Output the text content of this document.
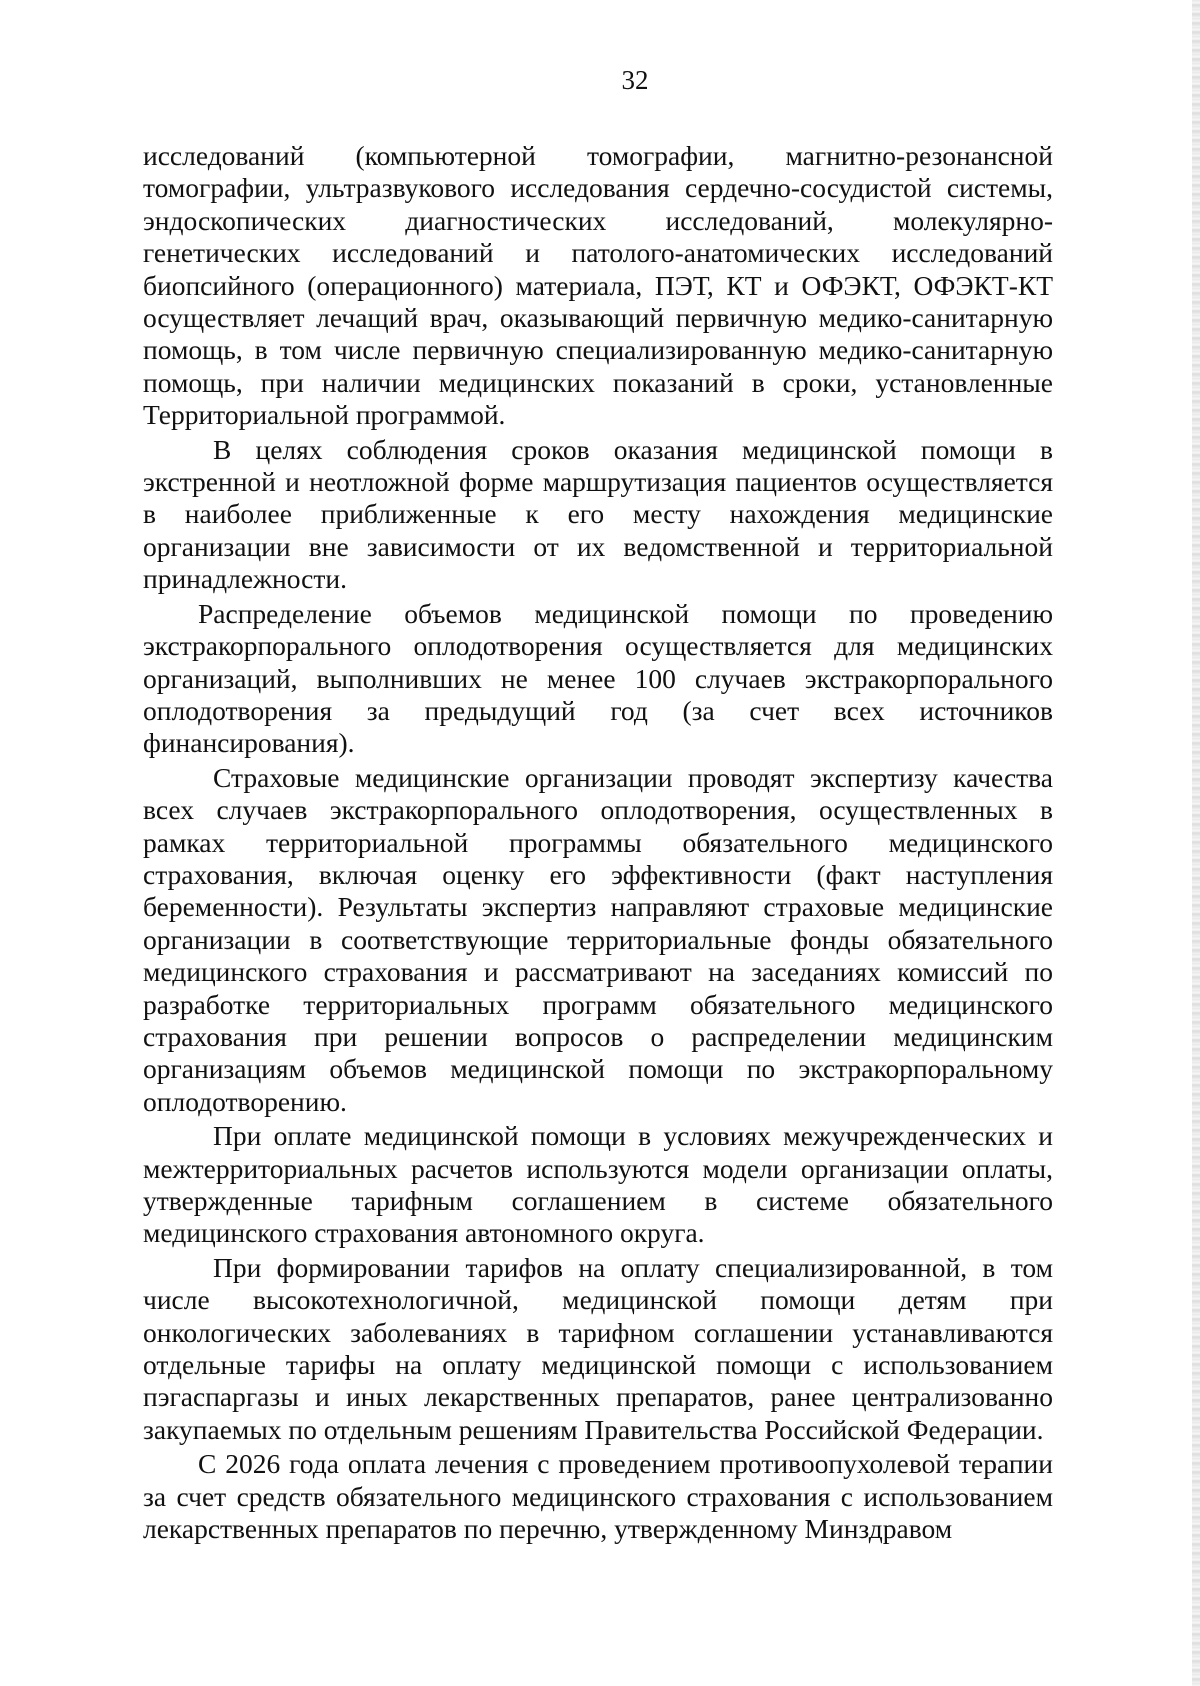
32

исследований (компьютерной томографии, магнитно-резонансной томографии, ультразвукового исследования сердечно-сосудистой системы, эндоскопических диагностических исследований, молекулярно-генетических исследований и патолого-анатомических исследований биопсийного (операционного) материала, ПЭТ, КТ и ОФЭКТ, ОФЭКТ-КТ осуществляет лечащий врач, оказывающий первичную медико-санитарную помощь, в том числе первичную специализированную медико-санитарную помощь, при наличии медицинских показаний в сроки, установленные Территориальной программой.

В целях соблюдения сроков оказания медицинской помощи в экстренной и неотложной форме маршрутизация пациентов осуществляется в наиболее приближенные к его месту нахождения медицинские организации вне зависимости от их ведомственной и территориальной принадлежности.

Распределение объемов медицинской помощи по проведению экстракорпорального оплодотворения осуществляется для медицинских организаций, выполнивших не менее 100 случаев экстракорпорального оплодотворения за предыдущий год (за счет всех источников финансирования).

Страховые медицинские организации проводят экспертизу качества всех случаев экстракорпорального оплодотворения, осуществленных в рамках территориальной программы обязательного медицинского страхования, включая оценку его эффективности (факт наступления беременности). Результаты экспертиз направляют страховые медицинские организации в соответствующие территориальные фонды обязательного медицинского страхования и рассматривают на заседаниях комиссий по разработке территориальных программ обязательного медицинского страхования при решении вопросов о распределении медицинским организациям объемов медицинской помощи по экстракорпоральному оплодотворению.

При оплате медицинской помощи в условиях межучрежденческих и межтерриториальных расчетов используются модели организации оплаты, утвержденные тарифным соглашением в системе обязательного медицинского страхования автономного округа.

При формировании тарифов на оплату специализированной, в том числе высокотехнологичной, медицинской помощи детям при онкологических заболеваниях в тарифном соглашении устанавливаются отдельные тарифы на оплату медицинской помощи с использованием пэгаспаргазы и иных лекарственных препаратов, ранее централизованно закупаемых по отдельным решениям Правительства Российской Федерации.

С 2026 года оплата лечения с проведением противоопухолевой терапии за счет средств обязательного медицинского страхования с использованием лекарственных препаратов по перечню, утвержденному Минздравом
